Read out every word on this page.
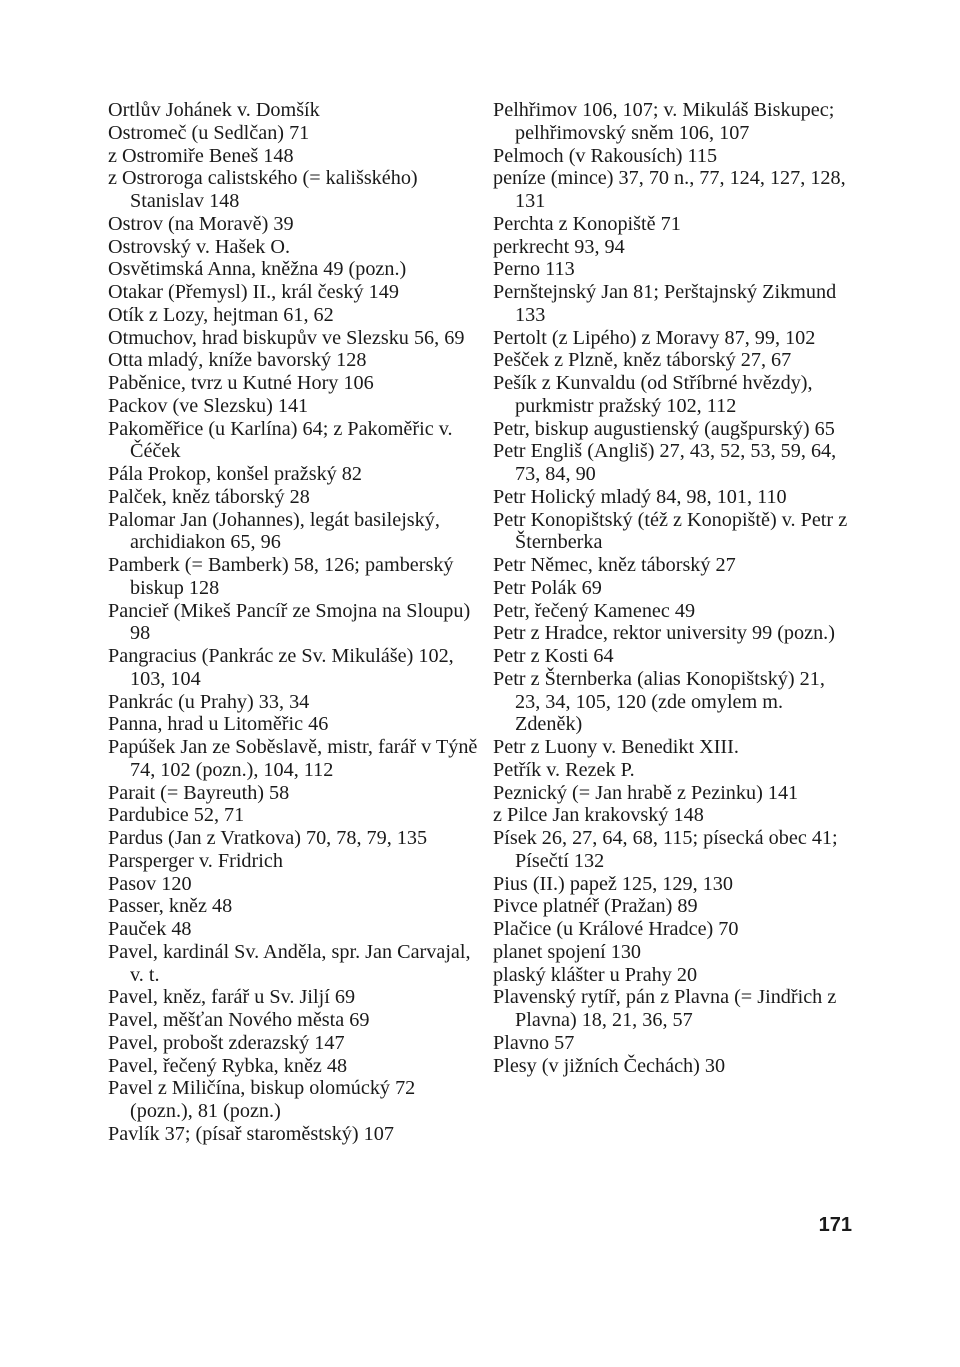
Ortlův Johánek v. Domšík
Ostromeč (u Sedlčan) 71
z Ostromiře Beneš 148
z Ostroroga calistského (= kališského) Stanislav 148
Ostrov (na Moravě) 39
Ostrovský v. Hašek O.
Osvětimská Anna, kněžna 49 (pozn.)
Otakar (Přemysl) II., král český 149
Otík z Lozy, hejtman 61, 62
Otmuchov, hrad biskupův ve Slezsku 56, 69
Otta mladý, kníže bavorský 128
Paběnice, tvrz u Kutné Hory 106
Packov (ve Slezsku) 141
Pakoměřice (u Karlína) 64; z Pakoměřic v. Čéček
Pála Prokop, konšel pražský 82
Palček, kněz táborský 28
Palomar Jan (Johannes), legát basilejský, archidiakon 65, 96
Pamberk (= Bamberk) 58, 126; pamberský biskup 128
Pancieř (Mikeš Pancíř ze Smojna na Sloupu) 98
Pangracius (Pankrác ze Sv. Mikuláše) 102, 103, 104
Pankrác (u Prahy) 33, 34
Panna, hrad u Litoměřic 46
Papúšek Jan ze Soběslavě, mistr, farář v Týně 74, 102 (pozn.), 104, 112
Parait (= Bayreuth) 58
Pardubice 52, 71
Pardus (Jan z Vratkova) 70, 78, 79, 135
Parsperger v. Fridrich
Pasov 120
Passer, kněz 48
Pauček 48
Pavel, kardinál Sv. Anděla, spr. Jan Carvajal, v. t.
Pavel, kněz, farář u Sv. Jiljí 69
Pavel, měšťan Nového města 69
Pavel, probošt zderazský 147
Pavel, řečený Rybka, kněz 48
Pavel z Miličína, biskup olomúcký 72 (pozn.), 81 (pozn.)
Pavlík 37; (písař staroměstský) 107
Pelhřimov 106, 107; v. Mikuláš Biskupec; pelhřimovský sněm 106, 107
Pelmoch (v Rakousích) 115
peníze (mince) 37, 70 n., 77, 124, 127, 128, 131
Perchta z Konopiště 71
perkrecht 93, 94
Perno 113
Pernštejnský Jan 81; Perštajnský Zikmund 133
Pertolt (z Lipého) z Moravy 87, 99, 102
Pešček z Plzně, kněz táborský 27, 67
Pešík z Kunvaldu (od Stříbrné hvězdy), purkmistr pražský 102, 112
Petr, biskup augustienský (augšpurský) 65
Petr Engliš (Angliš) 27, 43, 52, 53, 59, 64, 73, 84, 90
Petr Holický mladý 84, 98, 101, 110
Petr Konopištský (též z Konopiště) v. Petr z Šternberka
Petr Němec, kněz táborský 27
Petr Polák 69
Petr, řečený Kamenec 49
Petr z Hradce, rektor university 99 (pozn.)
Petr z Kosti 64
Petr z Šternberka (alias Konopištský) 21, 23, 34, 105, 120 (zde omylem m. Zdeněk)
Petr z Luony v. Benedikt XIII.
Petřík v. Rezek P.
Peznický (= Jan hrabě z Pezinku) 141
z Pilce Jan krakovský 148
Písek 26, 27, 64, 68, 115; písecká obec 41; Písečtí 132
Pius (II.) papež 125, 129, 130
Pivce platnéř (Pražan) 89
Plačice (u Králové Hradce) 70
planet spojení 130
plaský klášter u Prahy 20
Plavenský rytíř, pán z Plavna (= Jindřich z Plavna) 18, 21, 36, 57
Plavno 57
Plesy (v jižních Čechách) 30
171
